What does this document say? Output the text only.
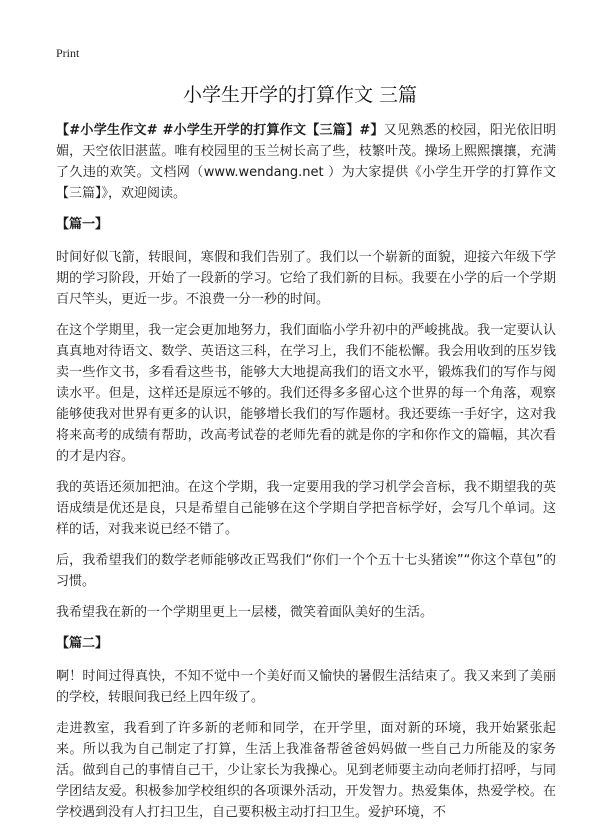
Print
小学生开学的打算作文 三篇

【#小学生作文# #小学生开学的打算作文【三篇】#】又见熟悉的校园，阳光依旧明媚，天空依旧湛蓝。唯有校园里的玉兰树长高了些，枝繁叶茂。操场上熙熙攘攘，充满了久违的欢笑。文档网（www.wendang.net ）为大家提供《小学生开学的打算作文【三篇】》，欢迎阅读。

【篇一】

时间好似飞箭，转眼间，寒假和我们告别了。我们以一个崭新的面貌，迎接六年级下学期的学习阶段，开始了一段新的学习。它给了我们新的目标。我要在小学的后一个学期百尺竿头，更近一步。不浪费一分一秒的时间。

在这个学期里，我一定会更加地努力，我们面临小学升初中的严峻挑战。我一定要认认真真地对待语文、数学、英语这三科，在学习上，我们不能松懈。我会用收到的压岁钱卖一些作文书，多看看这些书，能够大大地提高我们的语文水平，锻炼我们的写作与阅读水平。但是，这样还是原远不够的。我们还得多多留心这个世界的每一个角落，观察能够使我对世界有更多的认识，能够增长我们的写作题材。我还要练一手好字，这对我将来高考的成绩有帮助，改高考试卷的老师先看的就是你的字和你作文的篇幅，其次看的才是内容。

我的英语还须加把油。在这个学期，我一定要用我的学习机学会音标，我不期望我的英语成绩是优还是良，只是希望自己能够在这个学期自学把音标学好，会写几个单词。这样的话，对我来说已经不错了。

后，我希望我们的数学老师能够改正骂我们“你们一个个五十七头猪诶”“你这个草包”的习惯。

我希望我在新的一个学期里更上一层楼，微笑着面队美好的生活。

【篇二】

啊！时间过得真快，不知不觉中一个美好而又愉快的暑假生活结束了。我又来到了美丽的学校，转眼间我已经上四年级了。

走进教室，我看到了许多新的老师和同学，在开学里，面对新的环境，我开始紧张起来。所以我为自己制定了打算，生活上我准备帮爸爸妈妈做一些自己力所能及的家务活。做到自己的事情自己干，少让家长为我操心。见到老师要主动向老师打招呼，与同学团结友爱。积极参加学校组织的各项课外活动，开发智力。热爱集体，热爱学校。在学校遇到没有人打扫卫生，自己要积极主动打扫卫生。爱护环境，不
